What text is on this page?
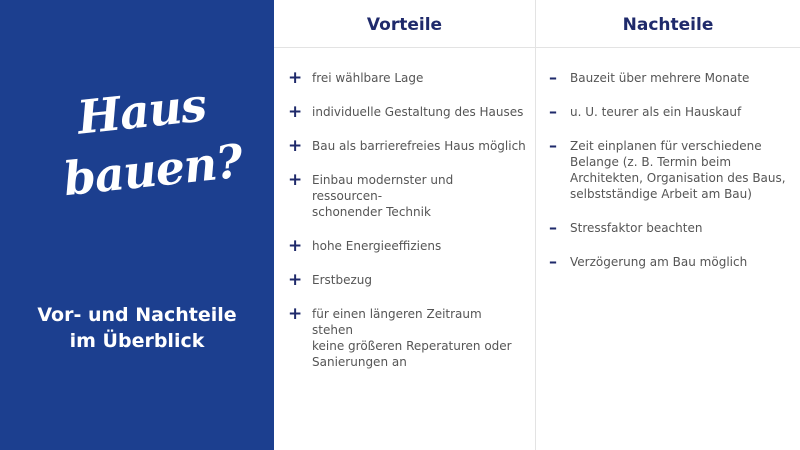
Haus
bauen?
Vor- und Nachteile
im Überblick
Vorteile	Nachteile
+ frei wählbare Lage
+ individuelle Gestaltung des Hauses
+ Bau als barrierefreies Haus möglich
+ Einbau modernster und ressourcen-
schonender Technik
+ hohe Energieeffiziens
+ Erstbezug
+ für einen längeren Zeitraum stehen
keine größeren Reperaturen oder
Sanierungen an
– Bauzeit über mehrere Monate
– u. U. teurer als ein Hauskauf
– Zeit einplanen für verschiedene
Belange (z. B. Termin beim
Architekten, Organisation des Baus,
selbstständige Arbeit am Bau)
– Stressfaktor beachten
– Verzögerung am Bau möglich
